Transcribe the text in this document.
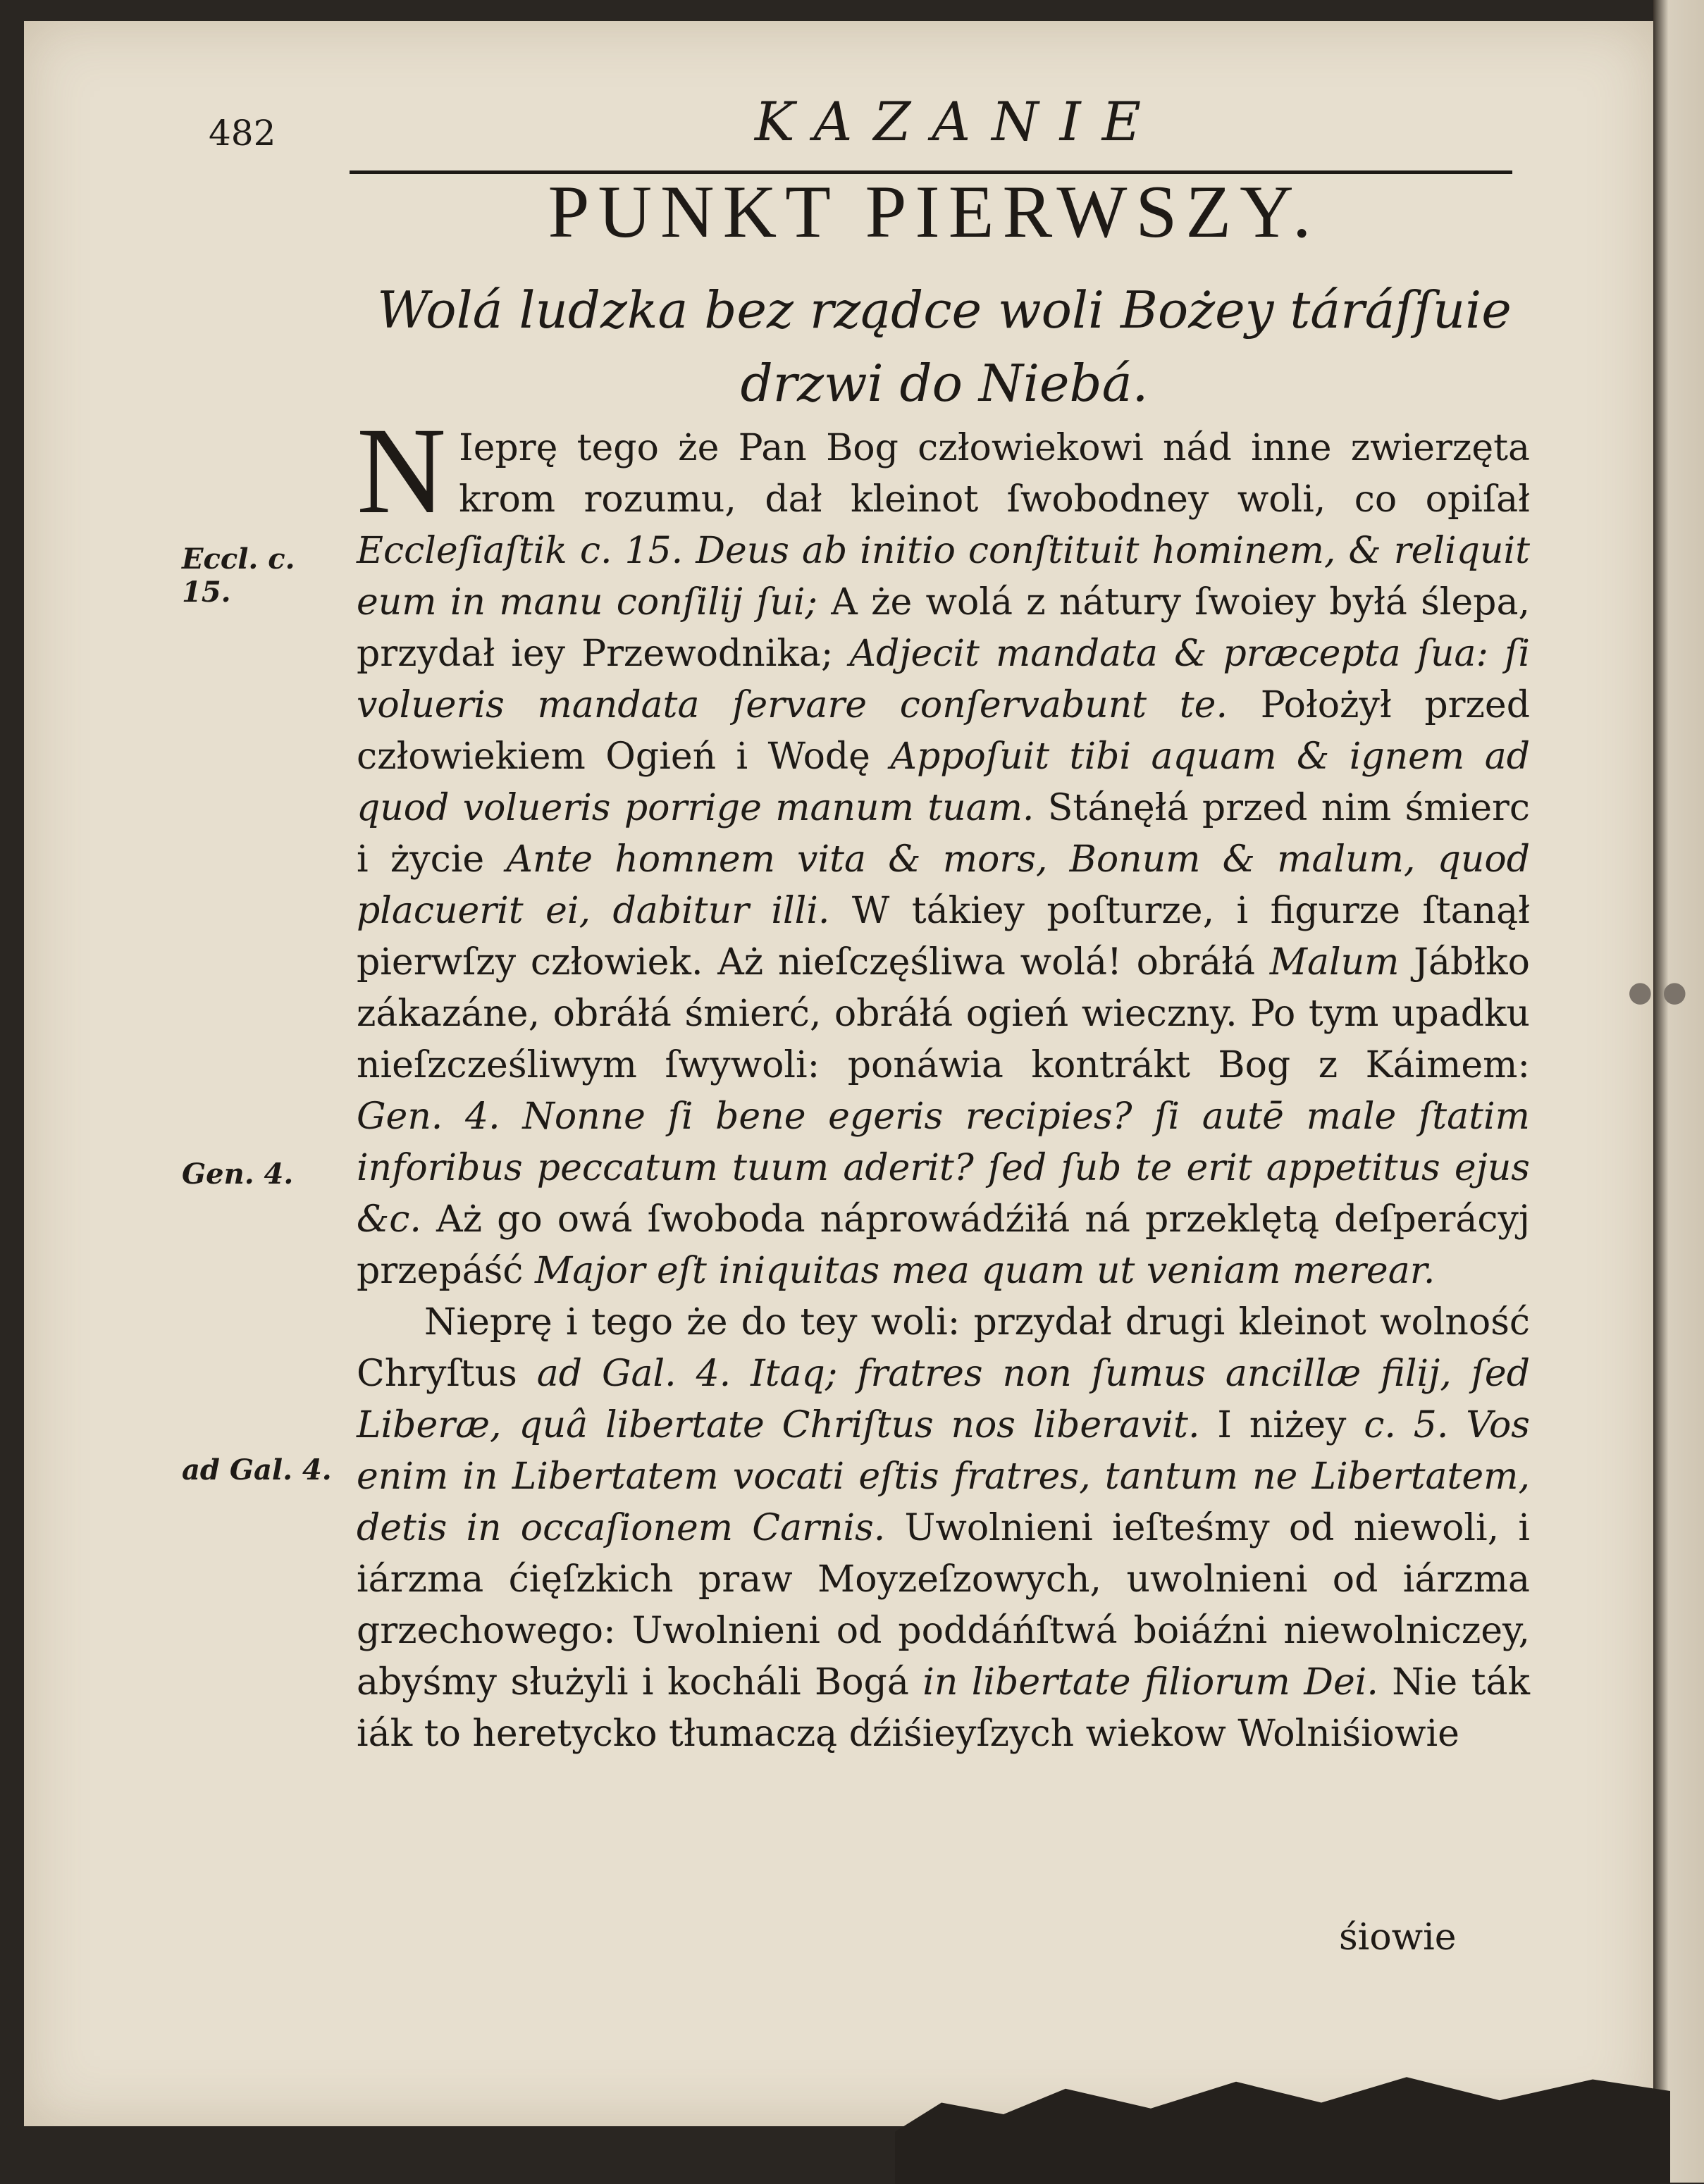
●●
482	KAZANIE
PUNKT PIERWSZY.
Wolá ludzka bez rządce woli Bożey táráſſuie
drzwi do Niebá.

N Ieprę tego że Pan Bog człowiekowi nád inne zwierzęta krom rozumu, dał kleinot ſwobodney woli, co opiſał Eccleſiaſtik c. 15. Deus ab initio conſtituit hominem, & reliquit eum in manu conſilij ſui; A że wolá z nátury ſwoiey byłá ślepa, przydał iey Przewodnika; Adjecit mandata & præcepta ſua: ſi volueris mandata ſervare conſervabunt te. Położył przed człowiekiem Ogień i Wodę Appoſuit tibi aquam & ignem ad quod volueris porrige manum tuam. Stánęłá przed nim śmierc i życie Ante homnem vita & mors, Bonum & malum, quod placuerit ei, dabitur illi. W tákiey poſturze, i figurze ſtanął pierwſzy człowiek. Aż nieſczęśliwa wolá! obráłá Malum Jábłko zákazáne, obráłá śmierć, obráłá ogień wieczny. Po tym upadku nieſzcześliwym ſwywoli: ponáwia kontrákt Bog z Káimem: Gen. 4. Nonne ſi bene egeris recipies? ſi autē male ſtatim inforibus peccatum tuum aderit? ſed ſub te erit appetitus ejus &c. Aż go owá ſwoboda náprowádźiłá ná przeklętą deſperácyj przepáść Major eſt iniquitas mea quam ut veniam merear.

Nieprę i tego że do tey woli: przydał drugi kleinot wolność Chryſtus ad Gal. 4. Itaq; fratres non ſumus ancillæ filij, ſed Liberæ, quâ libertate Chriſtus nos liberavit. I niżey c. 5. Vos enim in Libertatem vocati eſtis fratres, tantum ne Libertatem, detis in occaſionem Carnis. Uwolnieni ieſteśmy od niewoli, i iárzma ćięſzkich praw Moyzeſzowych, uwolnieni od iárzma grzechowego: Uwolnieni od poddáńſtwá boiáźni niewolniczey, abyśmy służyli i kocháli Bogá in libertate filiorum Dei. Nie ták iák to heretycko tłumaczą dźiśieyſzych wiekow Wolniśiowie

Eccl. c. 15.
Gen. 4.
ad Gal. 4.
śiowie
